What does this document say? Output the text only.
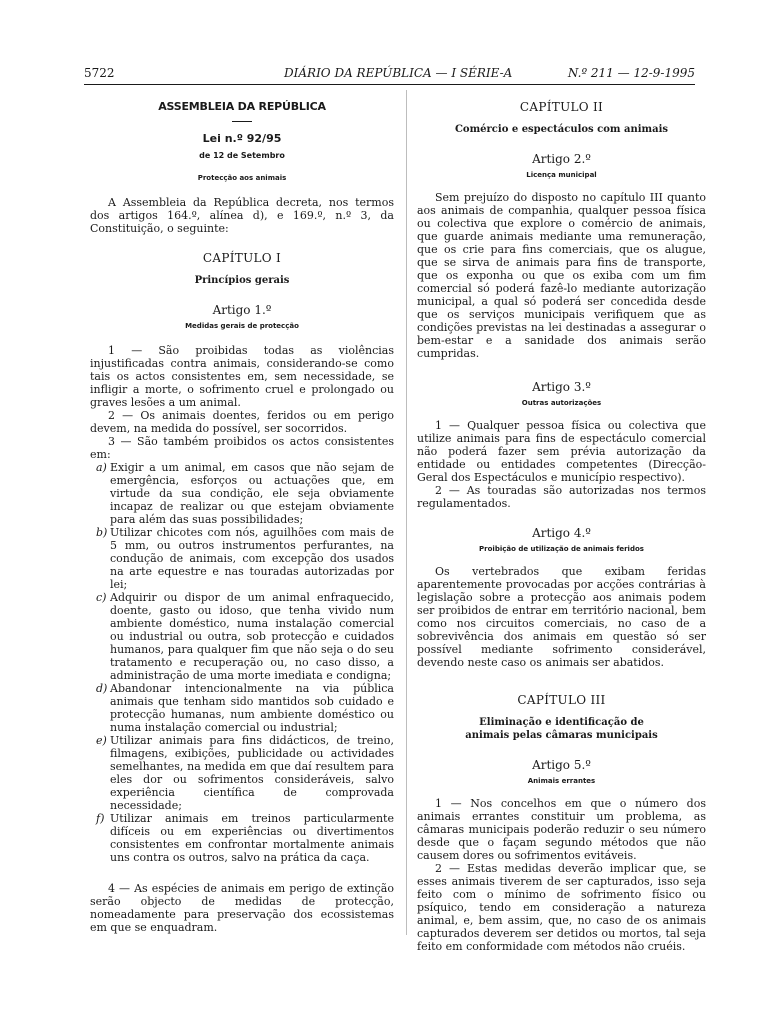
5722	DIÁRIO DA REPÚBLICA — I SÉRIE-A	N.º 211 — 12-9-1995

ASSEMBLEIA DA REPÚBLICA

Lei n.º 92/95

de 12 de Setembro

Protecção aos animais

A Assembleia da República decreta, nos termos dos artigos 164.º, alínea d), e 169.º, n.º 3, da Constituição, o seguinte:

CAPÍTULO I

Princípios gerais

Artigo 1.º

Medidas gerais de protecção

1 — São proibidas todas as violências injustificadas contra animais, considerando-se como tais os actos consistentes em, sem necessidade, se infligir a morte, o sofrimento cruel e prolongado ou graves lesões a um animal.

2 — Os animais doentes, feridos ou em perigo devem, na medida do possível, ser socorridos.

3 — São também proibidos os actos consistentes em:

a) Exigir a um animal, em casos que não sejam de emergência, esforços ou actuações que, em virtude da sua condição, ele seja obviamente incapaz de realizar ou que estejam obviamente para além das suas possibilidades;
b) Utilizar chicotes com nós, aguilhões com mais de 5 mm, ou outros instrumentos perfurantes, na condução de animais, com excepção dos usados na arte equestre e nas touradas autorizadas por lei;
c) Adquirir ou dispor de um animal enfraquecido, doente, gasto ou idoso, que tenha vivido num ambiente doméstico, numa instalação comercial ou industrial ou outra, sob protecção e cuidados humanos, para qualquer fim que não seja o do seu tratamento e recuperação ou, no caso disso, a administração de uma morte imediata e condigna;
d) Abandonar intencionalmente na via pública animais que tenham sido mantidos sob cuidado e protecção humanas, num ambiente doméstico ou numa instalação comercial ou industrial;
e) Utilizar animais para fins didácticos, de treino, filmagens, exibições, publicidade ou actividades semelhantes, na medida em que daí resultem para eles dor ou sofrimentos consideráveis, salvo experiência científica de comprovada necessidade;
f) Utilizar animais em treinos particularmente difíceis ou em experiências ou divertimentos consistentes em confrontar mortalmente animais uns contra os outros, salvo na prática da caça.

4 — As espécies de animais em perigo de extinção serão objecto de medidas de protecção, nomeadamente para preservação dos ecossistemas em que se enquadram.

CAPÍTULO II

Comércio e espectáculos com animais

Artigo 2.º

Licença municipal

Sem prejuízo do disposto no capítulo III quanto aos animais de companhia, qualquer pessoa física ou colectiva que explore o comércio de animais, que guarde animais mediante uma remuneração, que os crie para fins comerciais, que os alugue, que se sirva de animais para fins de transporte, que os exponha ou que os exiba com um fim comercial só poderá fazê-lo mediante autorização municipal, a qual só poderá ser concedida desde que os serviços municipais verifiquem que as condições previstas na lei destinadas a assegurar o bem-estar e a sanidade dos animais serão cumpridas.

Artigo 3.º

Outras autorizações

1 — Qualquer pessoa física ou colectiva que utilize animais para fins de espectáculo comercial não poderá fazer sem prévia autorização da entidade ou entidades competentes (Direcção-Geral dos Espectáculos e município respectivo).

2 — As touradas são autorizadas nos termos regulamentados.

Artigo 4.º

Proibição de utilização de animais feridos

Os vertebrados que exibam feridas aparentemente provocadas por acções contrárias à legislação sobre a protecção aos animais podem ser proibidos de entrar em território nacional, bem como nos circuitos comerciais, no caso de a sobrevivência dos animais em questão só ser possível mediante sofrimento considerável, devendo neste caso os animais ser abatidos.

CAPÍTULO III

Eliminação e identificação de animais pelas câmaras municipais

Artigo 5.º

Animais errantes

1 — Nos concelhos em que o número dos animais errantes constituir um problema, as câmaras municipais poderão reduzir o seu número desde que o façam segundo métodos que não causem dores ou sofrimentos evitáveis.

2 — Estas medidas deverão implicar que, se esses animais tiverem de ser capturados, isso seja feito com o mínimo de sofrimento físico ou psíquico, tendo em consideração a natureza animal, e, bem assim, que, no caso de os animais capturados deverem ser detidos ou mortos, tal seja feito em conformidade com métodos não cruéis.
